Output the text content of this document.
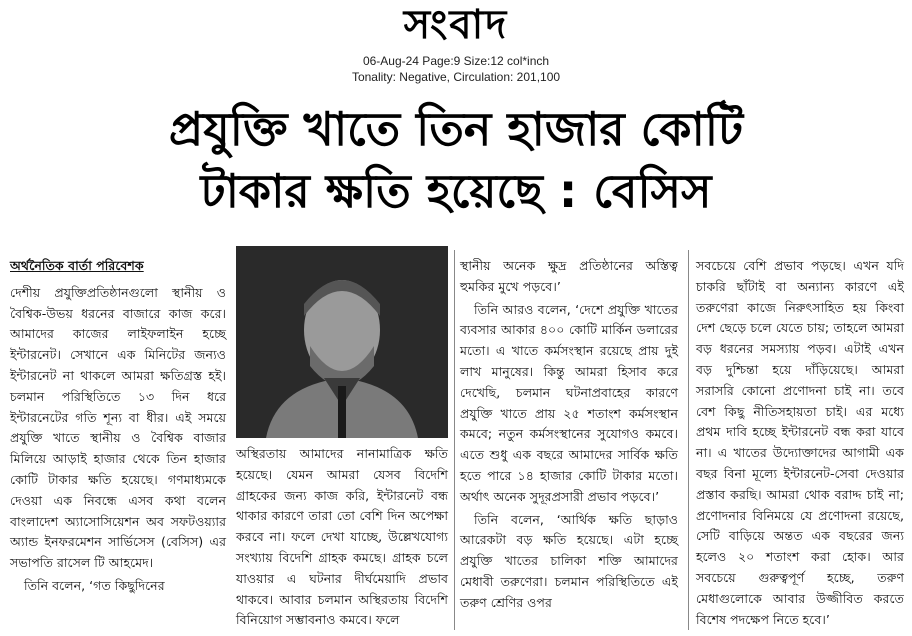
সংবাদ
06-Aug-24 Page:9 Size:12 col*inch
Tonality: Negative, Circulation: 201,100
প্রযুক্তি খাতে তিন হাজার কোটি
টাকার ক্ষতি হয়েছে : বেসিস

অর্থনৈতিক বার্তা পরিবেশক

দেশীয় প্রযুক্তিপ্রতিষ্ঠানগুলো স্থানীয় ও বৈশ্বিক-উভয় ধরনের বাজারে কাজ করে। আমাদের কাজের লাইফলাইন হচ্ছে ইন্টারনেট। সেখানে এক মিনিটের জন্যও ইন্টারনেট না থাকলে আমরা ক্ষতিগ্রস্ত হই। চলমান পরিস্থিতিতে ১৩ দিন ধরে ইন্টারনেটের গতি শূন্য বা ধীর। এই সময়ে প্রযুক্তি খাতে স্থানীয় ও বৈশ্বিক বাজার মিলিয়ে আড়াই হাজার থেকে তিন হাজার কোটি টাকার ক্ষতি হয়েছে। গণমাধ্যমকে দেওয়া এক নিবন্ধে এসব কথা বলেন বাংলাদেশ অ্যাসোসিয়েশন অব সফটওয়্যার অ্যান্ড ইনফরমেশন সার্ভিসেস (বেসিস) এর সভাপতি রাসেল টি আহমেদ।

তিনি বলেন, ‘গত কিছুদিনের

অস্থিরতায় আমাদের নানামাত্রিক ক্ষতি হয়েছে। যেমন আমরা যেসব বিদেশি গ্রাহকের জন্য কাজ করি, ইন্টারনেট বন্ধ থাকার কারণে তারা তো বেশি দিন অপেক্ষা করবে না। ফলে দেখা যাচ্ছে, উল্লেখযোগ্য সংখ্যায় বিদেশি গ্রাহক কমছে। গ্রাহক চলে যাওয়ার এ ঘটনার দীর্ঘমেয়াদি প্রভাব থাকবে। আবার চলমান অস্থিরতায় বিদেশি বিনিয়োগ সম্ভাবনাও কমবে। ফলে

স্থানীয় অনেক ক্ষুদ্র প্রতিষ্ঠানের অস্তিত্ব হুমকির মুখে পড়বে।’

তিনি আরও বলেন, ‘দেশে প্রযুক্তি খাতের ব্যবসার আকার ৪০০ কোটি মার্কিন ডলারের মতো। এ খাতে কর্মসংস্থান রয়েছে প্রায় দুই লাখ মানুষের। কিন্তু আমরা হিসাব করে দেখেছি, চলমান ঘটনাপ্রবাহের কারণে প্রযুক্তি খাতে প্রায় ২৫ শতাংশ কর্মসংস্থান কমবে; নতুন কর্মসংস্থানের সুযোগও কমবে। এতে শুধু এক বছরে আমাদের সার্বিক ক্ষতি হতে পারে ১৪ হাজার কোটি টাকার মতো। অর্থাৎ অনেক সুদূরপ্রসারী প্রভাব পড়বে।’

তিনি বলেন, ‘আর্থিক ক্ষতি ছাড়াও আরেকটা বড় ক্ষতি হয়েছে। এটা হচ্ছে প্রযুক্তি খাতের চালিকা শক্তি আমাদের মেধাবী তরুণেরা। চলমান পরিস্থিতিতে এই তরুণ শ্রেণির ওপর

সবচেয়ে বেশি প্রভাব পড়ছে। এখন যদি চাকরি ছাঁটাই বা অন্যান্য কারণে এই তরুণেরা কাজে নিরুৎসাহিত হয় কিংবা দেশ ছেড়ে চলে যেতে চায়; তাহলে আমরা বড় ধরনের সমস্যায় পড়ব। এটাই এখন বড় দুশ্চিন্তা হয়ে দাঁড়িয়েছে। আমরা সরাসরি কোনো প্রণোদনা চাই না। তবে বেশ কিছু নীতিসহায়তা চাই। এর মধ্যে প্রথম দাবি হচ্ছে ইন্টারনেট বন্ধ করা যাবে না। এ খাতের উদ্যোক্তাদের আগামী এক বছর বিনা মূল্যে ইন্টারনেট-সেবা দেওয়ার প্রস্তাব করছি। আমরা থোক বরাদ্দ চাই না; প্রণোদনার বিনিময়ে যে প্রণোদনা রয়েছে, সেটি বাড়িয়ে অন্তত এক বছরের জন্য হলেও ২০ শতাংশ করা হোক। আর সবচেয়ে গুরুত্বপূর্ণ হচ্ছে, তরুণ মেধাগুলোকে আবার উজ্জীবিত করতে বিশেষ পদক্ষেপ নিতে হবে।’
